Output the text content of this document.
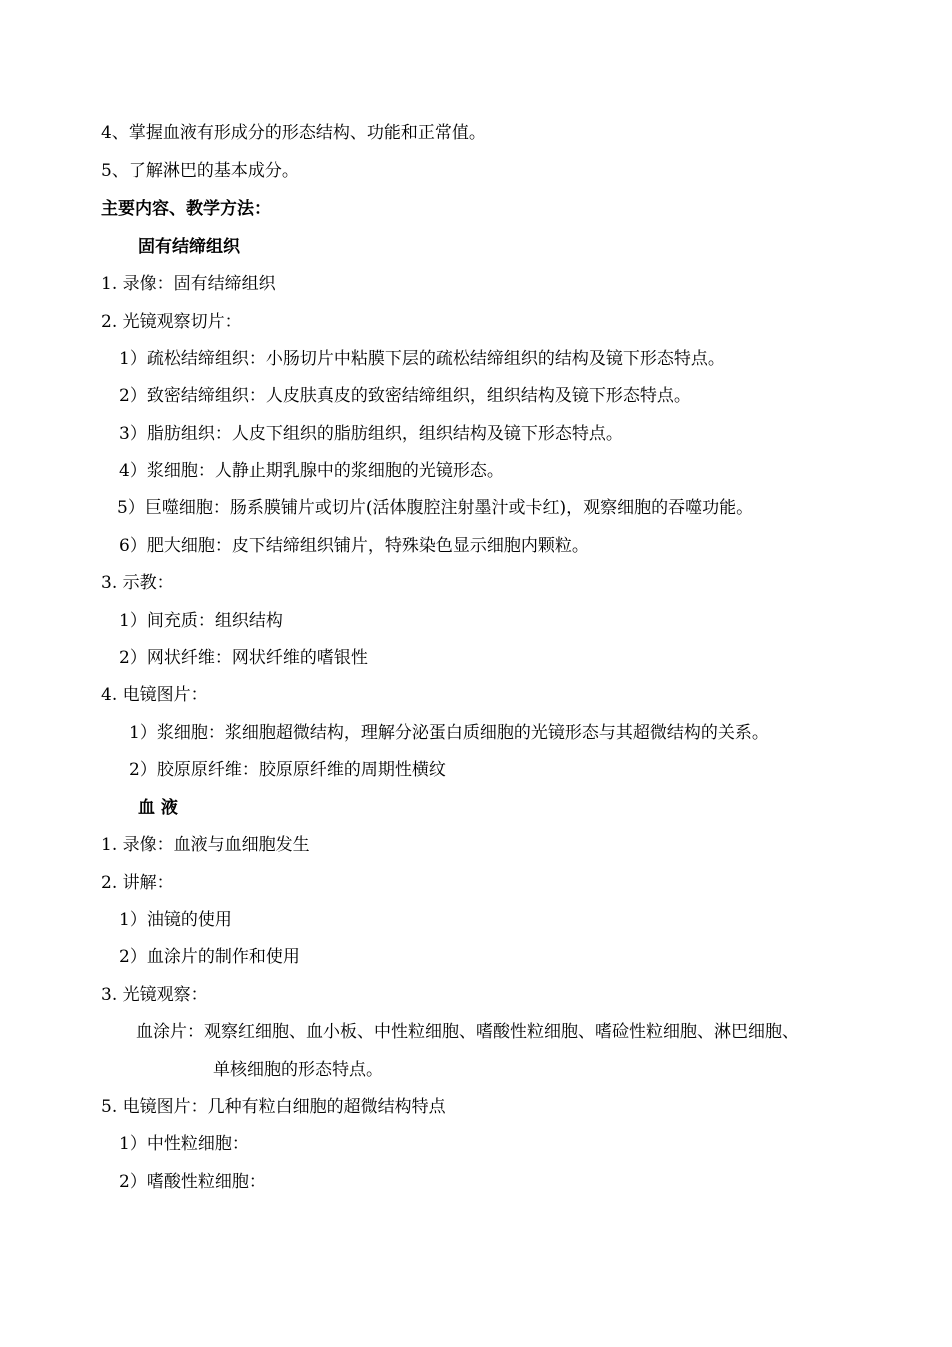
4、掌握血液有形成分的形态结构、功能和正常值。
5、了解淋巴的基本成分。
主要内容、教学方法：
固有结缔组织
1. 录像：固有结缔组织
2. 光镜观察切片：
1）疏松结缔组织：小肠切片中粘膜下层的疏松结缔组织的结构及镜下形态特点。
2）致密结缔组织：人皮肤真皮的致密结缔组织，组织结构及镜下形态特点。
3）脂肪组织：人皮下组织的脂肪组织，组织结构及镜下形态特点。
4）浆细胞：人静止期乳腺中的浆细胞的光镜形态。
5）巨噬细胞：肠系膜铺片或切片(活体腹腔注射墨汁或卡红)，观察细胞的吞噬功能。
6）肥大细胞：皮下结缔组织铺片，特殊染色显示细胞内颗粒。
3. 示教：
1）间充质：组织结构
2）网状纤维：网状纤维的嗜银性
4. 电镜图片：
1）浆细胞：浆细胞超微结构，理解分泌蛋白质细胞的光镜形态与其超微结构的关系。
2）胶原原纤维：胶原原纤维的周期性横纹
血 液
1. 录像：血液与血细胞发生
2. 讲解：
1）油镜的使用
2）血涂片的制作和使用
3. 光镜观察：
血涂片：观察红细胞、血小板、中性粒细胞、嗜酸性粒细胞、嗜硷性粒细胞、淋巴细胞、
单核细胞的形态特点。
5. 电镜图片：几种有粒白细胞的超微结构特点
1）中性粒细胞：
2）嗜酸性粒细胞：
